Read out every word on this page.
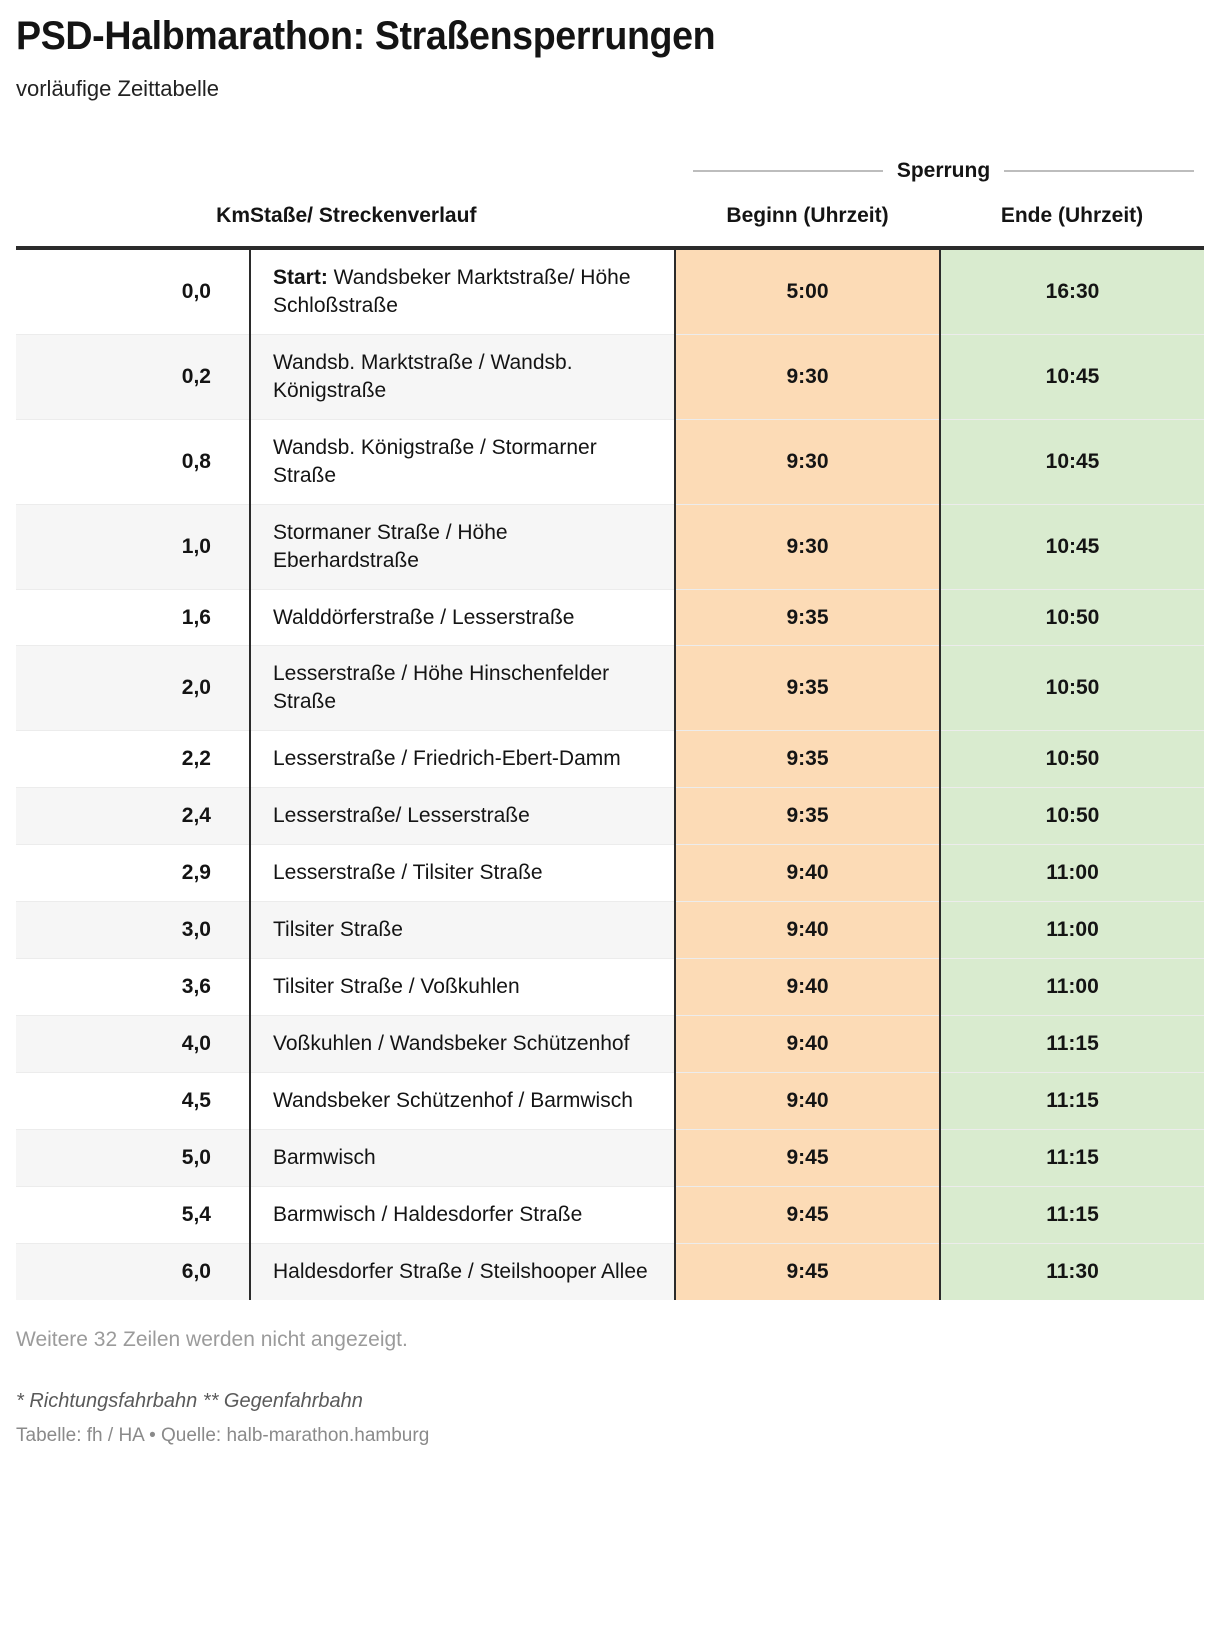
PSD-Halbmarathon: Straßensperrungen

vorläufige Zeittabelle

		Sperrung	

Km	Staße/ Streckenverlauf	Beginn (Uhrzeit)	Ende (Uhrzeit)
0,0	Start: Wandsbeker Marktstraße/ Höhe Schloßstraße	5:00	16:30
0,2	Wandsb. Marktstraße / Wandsb. Königstraße	9:30	10:45
0,8	Wandsb. Königstraße / Stormarner Straße	9:30	10:45
1,0	Stormaner Straße / Höhe Eberhardstraße	9:30	10:45
1,6	Walddörferstraße / Lesserstraße	9:35	10:50
2,0	Lesserstraße / Höhe Hinschenfelder Straße	9:35	10:50
2,2	Lesserstraße / Friedrich-Ebert-Damm	9:35	10:50
2,4	Lesserstraße/ Lesserstraße	9:35	10:50
2,9	Lesserstraße / Tilsiter Straße	9:40	11:00
3,0	Tilsiter Straße	9:40	11:00
3,6	Tilsiter Straße / Voßkuhlen	9:40	11:00
4,0	Voßkuhlen / Wandsbeker Schützenhof	9:40	11:15
4,5	Wandsbeker Schützenhof / Barmwisch	9:40	11:15
5,0	Barmwisch	9:45	11:15
5,4	Barmwisch / Haldesdorfer Straße	9:45	11:15
6,0	Haldesdorfer Straße / Steilshooper Allee	9:45	11:30

Weitere 32 Zeilen werden nicht angezeigt.

* Richtungsfahrbahn ** Gegenfahrbahn

Tabelle: fh / HA • Quelle: halb-marathon.hamburg
